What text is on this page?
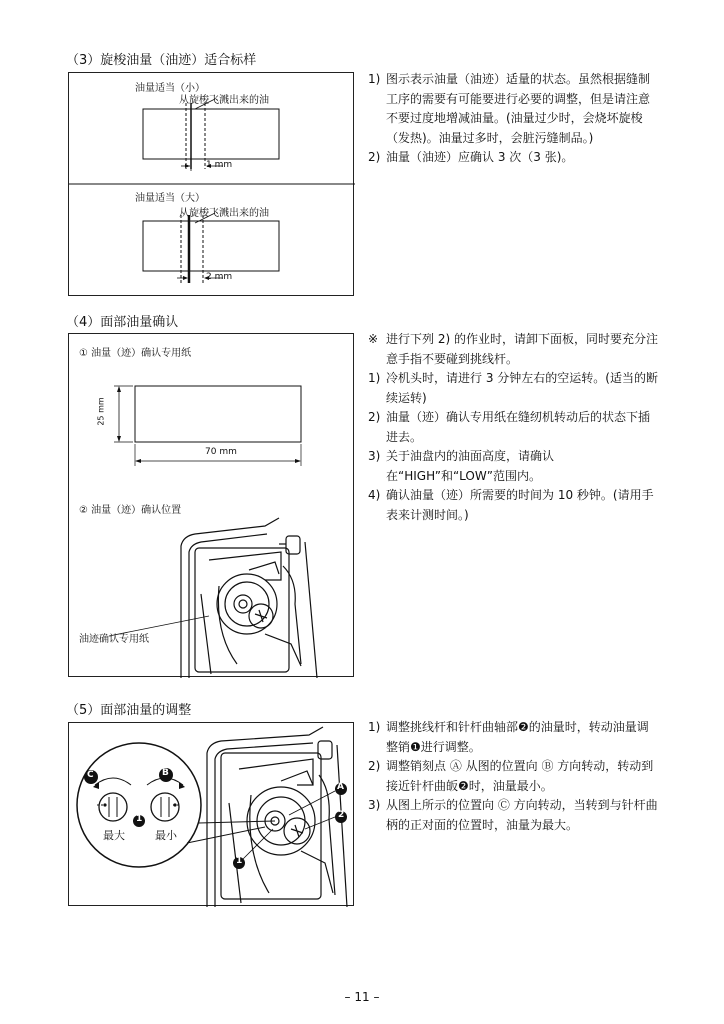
（3）旋梭油量（油迹）适合标样
油量适当（小）
从旋梭飞溅出来的油
1 mm
油量适当（大）
从旋梭飞溅出来的油
2 mm
1) 图示表示油量（油迹）适量的状态。虽然根据缝制工序的需要有可能要进行必要的调整，但是请注意不要过度地增减油量。(油量过少时，会烧坏旋梭（发热)。油量过多时，会脏污缝制品。)
2) 油量（油迹）应确认 3 次（3 张)。
（4）面部油量确认
① 油量（迹）确认专用纸
25 mm
70 mm
② 油量（迹）确认位置
油迹确认专用纸
※ 进行下列 2) 的作业时，请卸下面板，同时要充分注意手指不要碰到挑线杆。
1) 冷机头时，请进行 3 分钟左右的空运转。(适当的断续运转)
2) 油量（迹）确认专用纸在缝纫机转动后的状态下插进去。
3) 关于油盘内的油面高度，请确认在“HIGH”和“LOW”范围内。
4) 确认油量（迹）所需要的时间为 10 秒钟。(请用手表来计测时间。)
（5）面部油量的调整
C	B
1
A
2
1
最大	最小
1) 调整挑线杆和针杆曲轴部❷的油量时，转动油量调整销❶进行调整。
2) 调整销刻点 Ⓐ 从图的位置向 Ⓑ 方向转动，转动到接近针杆曲皈❷时，油量最小。
3) 从图上所示的位置向 Ⓒ 方向转动，当转到与针杆曲柄的正对面的位置时，油量为最大。
– 11 –
